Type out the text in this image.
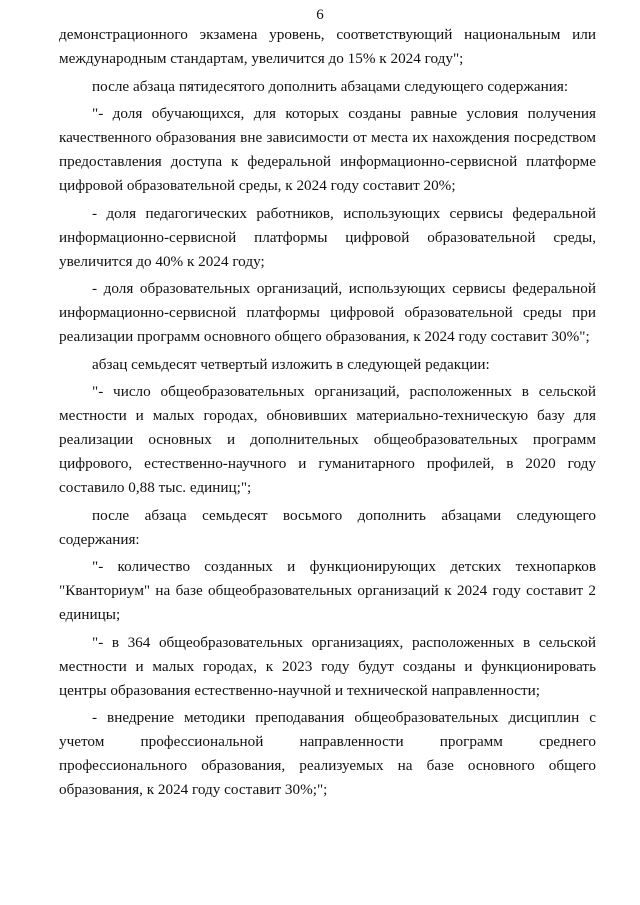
6

демонстрационного экзамена уровень, соответствующий национальным или международным стандартам, увеличится до 15% к 2024 году";

после абзаца пятидесятого дополнить абзацами следующего содержания:

"- доля обучающихся, для которых созданы равные условия получения качественного образования вне зависимости от места их нахождения посредством предоставления доступа к федеральной информационно-сервисной платформе цифровой образовательной среды, к 2024 году составит 20%;

- доля педагогических работников, использующих сервисы федеральной информационно-сервисной платформы цифровой образовательной среды, увеличится до 40% к 2024 году;

- доля образовательных организаций, использующих сервисы федеральной информационно-сервисной платформы цифровой образовательной среды при реализации программ основного общего образования, к 2024 году составит 30%";

абзац семьдесят четвертый изложить в следующей редакции:

"- число общеобразовательных организаций, расположенных в сельской местности и малых городах, обновивших материально-техническую базу для реализации основных и дополнительных общеобразовательных программ цифрового, естественно-научного и гуманитарного профилей, в 2020 году составило 0,88 тыс. единиц;";

после абзаца семьдесят восьмого дополнить абзацами следующего содержания:

"- количество созданных и функционирующих детских технопарков "Кванториум" на базе общеобразовательных организаций к 2024 году составит 2 единицы;

"- в 364 общеобразовательных организациях, расположенных в сельской местности и малых городах, к 2023 году будут созданы и функционировать центры образования естественно-научной и технической направленности;

- внедрение методики преподавания общеобразовательных дисциплин с учетом профессиональной направленности программ среднего профессионального образования, реализуемых на базе основного общего образования, к 2024 году составит 30%;";
